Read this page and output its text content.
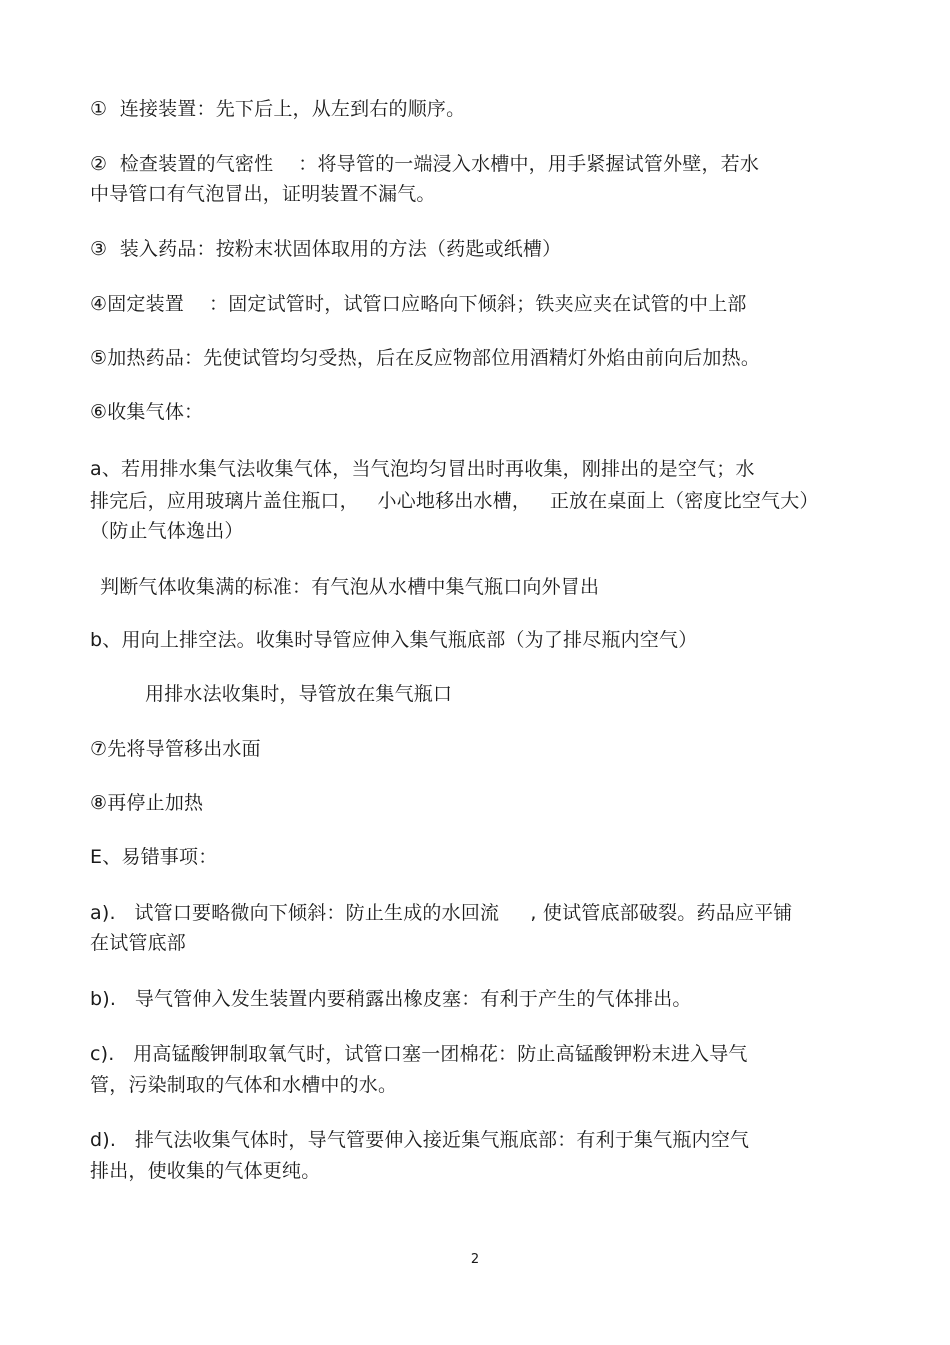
①  连接装置：先下后上，从左到右的顺序。
②  检查装置的气密性    ：将导管的一端浸入水槽中，用手紧握试管外壁，若水
中导管口有气泡冒出，证明装置不漏气。
③  装入药品：按粉末状固体取用的方法（药匙或纸槽）
④固定装置    ：固定试管时，试管口应略向下倾斜；铁夹应夹在试管的中上部
⑤加热药品：先使试管均匀受热，后在反应物部位用酒精灯外焰由前向后加热。
⑥收集气体：
a、若用排水集气法收集气体，当气泡均匀冒出时再收集，刚排出的是空气；水
排完后，应用玻璃片盖住瓶口，   小心地移出水槽，   正放在桌面上（密度比空气大）
（防止气体逸出）
判断气体收集满的标准：有气泡从水槽中集气瓶口向外冒出
b、用向上排空法。收集时导管应伸入集气瓶底部（为了排尽瓶内空气）
用排水法收集时，导管放在集气瓶口
⑦先将导管移出水面
⑧再停止加热
E、易错事项：
a).   试管口要略微向下倾斜：防止生成的水回流     , 使试管底部破裂。药品应平铺
在试管底部
b).   导气管伸入发生装置内要稍露出橡皮塞：有利于产生的气体排出。
c).   用高锰酸钾制取氧气时，试管口塞一团棉花：防止高锰酸钾粉末进入导气
管，污染制取的气体和水槽中的水。
d).   排气法收集气体时，导气管要伸入接近集气瓶底部：有利于集气瓶内空气
排出，使收集的气体更纯。
2
